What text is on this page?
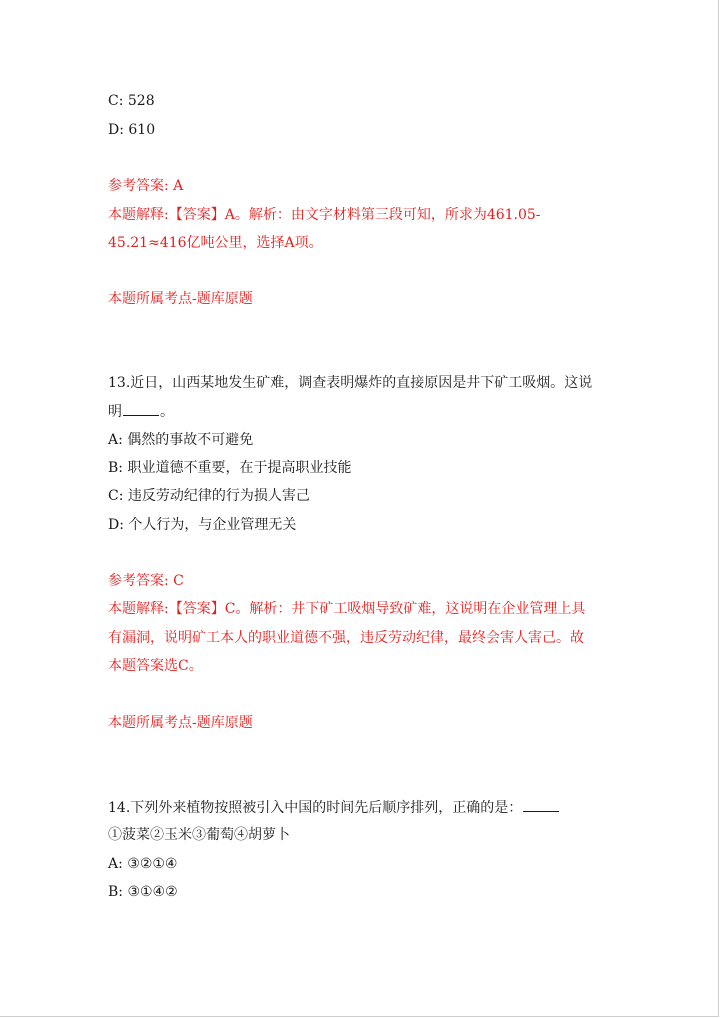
C: 528
D: 610
参考答案: A
本题解释:【答案】A。解析：由文字材料第三段可知，所求为461.05-
45.21≈416亿吨公里，选择A项。
本题所属考点-题库原题
13.近日，山西某地发生矿难，调查表明爆炸的直接原因是井下矿工吸烟。这说
明	。
A: 偶然的事故不可避免
B: 职业道德不重要，在于提高职业技能
C: 违反劳动纪律的行为损人害己
D: 个人行为，与企业管理无关
参考答案: C
本题解释:【答案】C。解析：井下矿工吸烟导致矿难，这说明在企业管理上具
有漏洞，说明矿工本人的职业道德不强，违反劳动纪律，最终会害人害己。故
本题答案选C。
本题所属考点-题库原题
14.下列外来植物按照被引入中国的时间先后顺序排列，正确的是：
①菠菜②玉米③葡萄④胡萝卜
A: ③②①④
B: ③①④②
